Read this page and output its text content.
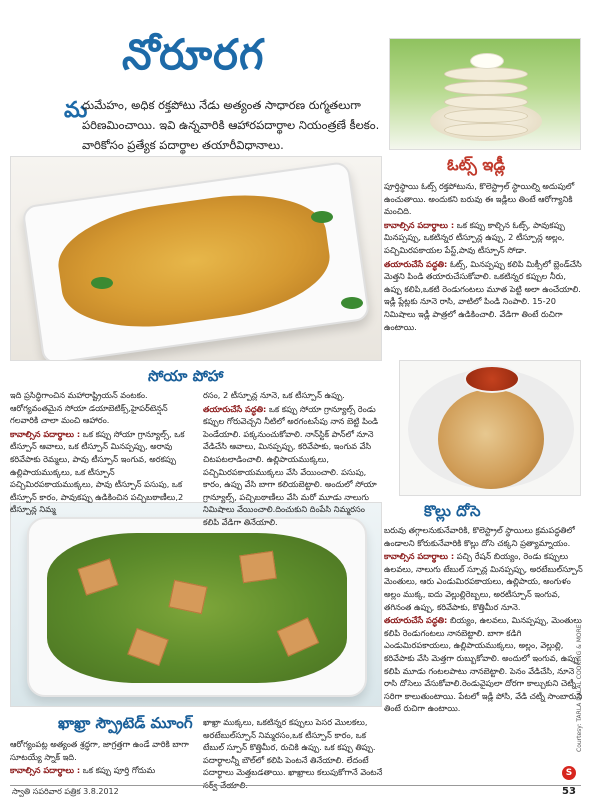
నోరూరగ
మ
ధుమేహం, అధిక రక్తపోటు నేడు అత్యంత సాధారణ రుగ్మతలుగా పరిణమించాయి. ఇవి ఉన్నవారికి ఆహారపదార్థాల నియంత్రణే కీలకం. వారికోసం ప్రత్యేక పదార్థాల తయారీవిధానాలు.
Courtesy: TARLA DALAL COOKING & MORE
ఓట్స్ ఇడ్లీ
సోయా పోహా
కొల్లు దోసె
ఖాఖ్రా స్ప్రౌటెడ్ మూంగ్

పూర్తిస్థాయి ఓట్స్ రక్తపోటును, కొలెస్ట్రాల్ స్థాయిల్ని అదుపులో ఉంచుతాయి. అందుకని బరువు ఈ ఇడ్లీలు తింటే ఆరోగ్యానికి మంచిది.

కావాల్సిన పదార్థాలు : ఒక కప్పు కాల్చిన ఓట్స్, పావుకప్పు మినప్పప్పు, ఒకటిన్నర టీస్పూన్ల ఉప్పు, 2 టీస్పూన్ల అల్లం, పచ్చిమిరపకాయల పేస్ట్,పావు టీస్పూన్ సోడా.

తయారుచేసే పద్ధతి: ఓట్స్, మినప్పప్పు కలిపి మిక్సీలో బ్లెండ్‌చేసి మెత్తని పిండి తయారుచేసుకోవాలి. ఒకటిన్నర కప్పుల నీరు, ఉప్పు కలిపి,ఒకటి రెండుగంటలు మూత పెట్టి అలా ఉంచేయాలి. ఇడ్లీ ప్లేట్లకు నూనె రాసి, వాటిలో పిండి నింపాలి. 15-20 నిమిషాలు ఇడ్లీ పాత్రలో ఉడికించాలి. వేడిగా తింటే రుచిగా ఉంటాయి.

ఇది ప్రసిద్ధిగాంచిన మహారాష్ట్రియన్ వంటకం. ఆరోగ్యవంతమైన సోయా డయాబెటిక్స్,హైపర్‌టెన్షన్ గలవారికి చాలా మంచి ఆహారం.

కావాల్సిన పదార్థాలు : ఒక కప్పు సోయా గ్రాన్యూల్స్, ఒక టీస్పూన్ ఆవాలు, ఒక టీస్పూన్ మినప్పప్పు, అరావు కరివేపాకు రెమ్మలు, పావు టీస్పూన్ ఇంగువ, అరకప్పు ఉల్లిపాయముక్కలు, ఒక టీస్పూన్ పచ్చిమిరపకాయముక్కలు, పావు టీస్పూన్ పసుపు, ఒక టీస్పూన్ కారం, పావుకప్పు ఉడికించిన పచ్చిబఠాణీలు,2 టీస్పూన్ల నిమ్మ

రసం, 2 టీస్పూన్ల నూనె, ఒక టీస్పూన్ ఉప్పు.

తయారుచేసే పద్ధతి: ఒక కప్పు సోయా గ్రాన్యూల్స్ రెండు కప్పుల గోరువెచ్చని నీటిలో అరగంటసేపు నాన బెట్టి పిండి పెండేయాలి. పక్కనుంచుకోవాలి. నాన్‌స్టిక్ పాన్‌లో నూనె వేడిచేసి ఆవాలు, మినప్పప్పు, కరివేపాకు, ఇంగువ వేసి చిటపటలాడించాలి. ఉల్లిపాయముక్కలు, పచ్చిమిరపకాయముక్కలు వేసి వేయించాలి. పసుపు, కారం, ఉప్పు వేసి బాగా కలియబెట్టాలి. అందులో సోయా గ్రాన్యూల్స్, పచ్చిబఠాణీలు వేసి మరో మూడు నాలుగు నిమిషాలు వేయించాలి.దించుకుని దింపేసి నిమ్మరసం కలిపి వేడిగా తినేయాలి.

బరువు తగ్గాలనుకునేవారికి, కొలెస్ట్రాల్ స్థాయిలు క్రమపద్ధతిలో ఉండాలని కోరుకునేవారికి కొల్లు దోసె చక్కని ప్రత్యామ్నాయం.

కావాల్సిన పదార్థాలు : పచ్చి రేషన్ బియ్యం, రెండు కప్పులు ఉలవలు, నాలుగు టేబుల్ స్పూన్ల మినప్పప్పు, అరటేబుల్‌స్పూన్ మెంతులు, ఆరు ఎండుమిరపకాయలు, ఉల్లిపాయ, అంగుళం అల్లం ముక్క, ఐదు వెల్లుల్లిరెబ్బలు, అరటీస్పూన్ ఇంగువ, తగినంత ఉప్పు, కరివేపాకు, కొత్తిమీర నూనె.

తయారుచేసే పద్ధతి: బియ్యం, ఉలవలు, మినప్పప్పు, మెంతులు కలిపి రెండుగంటలు నానబెట్టాలి. బాగా కడిగి ఎండుమిరపకాయలు, ఉల్లిపాయముక్కలు, అల్లం, వెల్లుల్లి, కరివేపాకు వేసి మెత్తగా రుబ్బుకోవాలి. అందులో ఇంగువ, ఉప్పు కలిపి మూడు గంటలపాటు నానబెట్టాలి. పెనం వేడిచేసి, నూనె రాసి దోసెలు వేసుకోవాలి.రెండువైపులా దోరగా కాల్చుకుని చెట్నీ సరిగా కాలుతుంటాయి. పేటలో ఇడ్లీ పోసి, వేడి చట్నీ సాంబారుని తింటే రుచిగా ఉంటాయి.

ఆరోగ్యంపట్ల అత్యంత శ్రద్ధగా, జాగ్రత్తగా ఉండే వారికి బాగా సూటయ్యే స్నాక్ ఇది.

కావాల్సిన పదార్థాలు : ఒక కప్పు పూర్తి గోదుమ

ఖాఖ్రా ముక్కలు, ఒకటిన్నర కప్పులు పెసర మొలకలు, అరటేబుల్‌స్పూన్ నిమ్మరసం,ఒక టీస్పూన్ కారం, ఒక టేబుల్ స్పూన్ కొత్తిమీర, రుచికి ఉప్పు. ఒక కప్పు తిప్పు. పదార్థాలన్నీ బౌల్‌లో కలిపి పెంటనే తినేయాలి. లేదంటే పదార్థాలు మెత్తబడతాయి. ఖాఖ్రాలు కలుపుకోగానే వెంటనే సర్వ్ చేయాలి.

స్వాతి సపరివార పత్రిక 3.8.2012
S
53
